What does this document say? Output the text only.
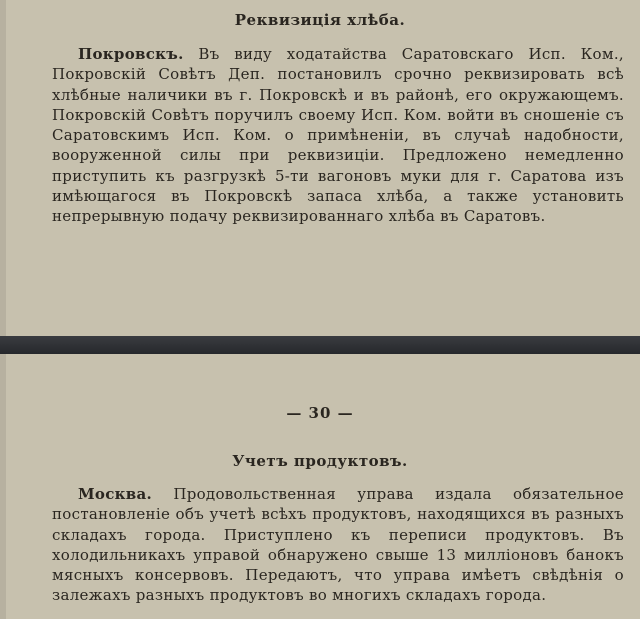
Реквизиція хлѣба.
Покровскъ. Въ виду ходатайства Саратовскаго Исп. Ком., Покровскій Совѣтъ Деп. постановилъ срочно реквизировать всѣ хлѣбные наличики въ г. Покровскѣ и въ районѣ, его окружающемъ. Покровскій Совѣтъ поручилъ своему Исп. Ком. войти въ сношеніе съ Саратовскимъ Исп. Ком. о примѣненіи, въ случаѣ надобности, вооруженной силы при реквизиціи. Предложено немедленно приступить къ разгрузкѣ 5-ти вагоновъ муки для г. Саратова изъ имѣющагося въ Покровскѣ запаса хлѣба, а также установить непрерывную подачу реквизированнаго хлѣба въ Саратовъ.
— 30 —
Учетъ продуктовъ.
Москва. Продовольственная управа издала обязательное постановленіе объ учетѣ всѣхъ продуктовъ, находящихся въ разныхъ складахъ города. Приступлено къ переписи продуктовъ. Въ холодильникахъ управой обнаружено свыше 13 милліоновъ банокъ мясныхъ консервовъ. Передаютъ, что управа имѣетъ свѣдѣнія о залежахъ разныхъ продуктовъ во многихъ складахъ города.
